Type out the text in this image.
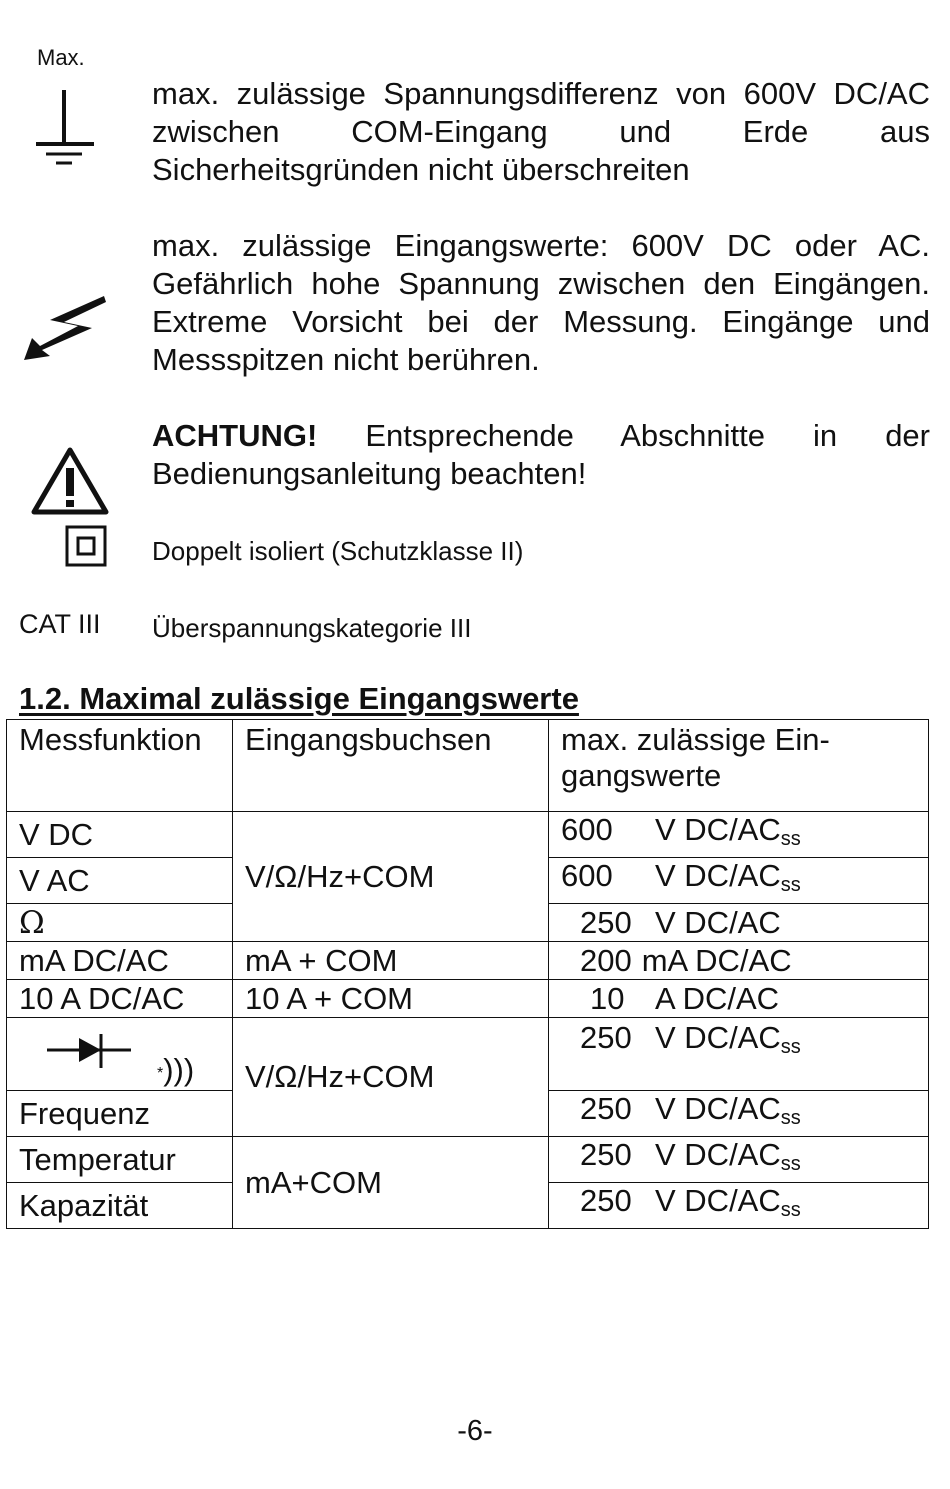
Max.
max. zulässige Spannungsdifferenz von 600V DC/AC zwischen COM-Eingang und Erde aus Sicherheitsgründen nicht überschreiten
max. zulässige Eingangswerte: 600V DC oder AC. Gefährlich hohe Spannung zwischen den Eingängen. Extreme Vorsicht bei der Messung. Eingänge und Messspitzen nicht berühren.
ACHTUNG! Entsprechende Abschnitte in der Bedienungsanleitung beachten!
Doppelt isoliert (Schutzklasse II)
CAT III Überspannungskategorie III
1.2. Maximal zulässige Eingangswerte
Messfunktion	Eingangsbuchsen	max. zulässige Ein-gangswerte
V DC	V/Ω/Hz+COM	600 V $DC/AC_{ss}$
V AC		600 V $DC/AC_{ss}$
Ω		250 V DC/AC
mA DC/AC	mA + COM	200 mA DC/AC
10 A DC/AC	10 A + COM	10 A DC/AC

*)))	V/Ω/Hz+COM	250 V $DC/AC_{ss}$
Frequenz		250 V $DC/AC_{ss}$
Temperatur	mA+COM	250 V $DC/AC_{ss}$
Kapazität		250 V $DC/AC_{ss}$
-6-
